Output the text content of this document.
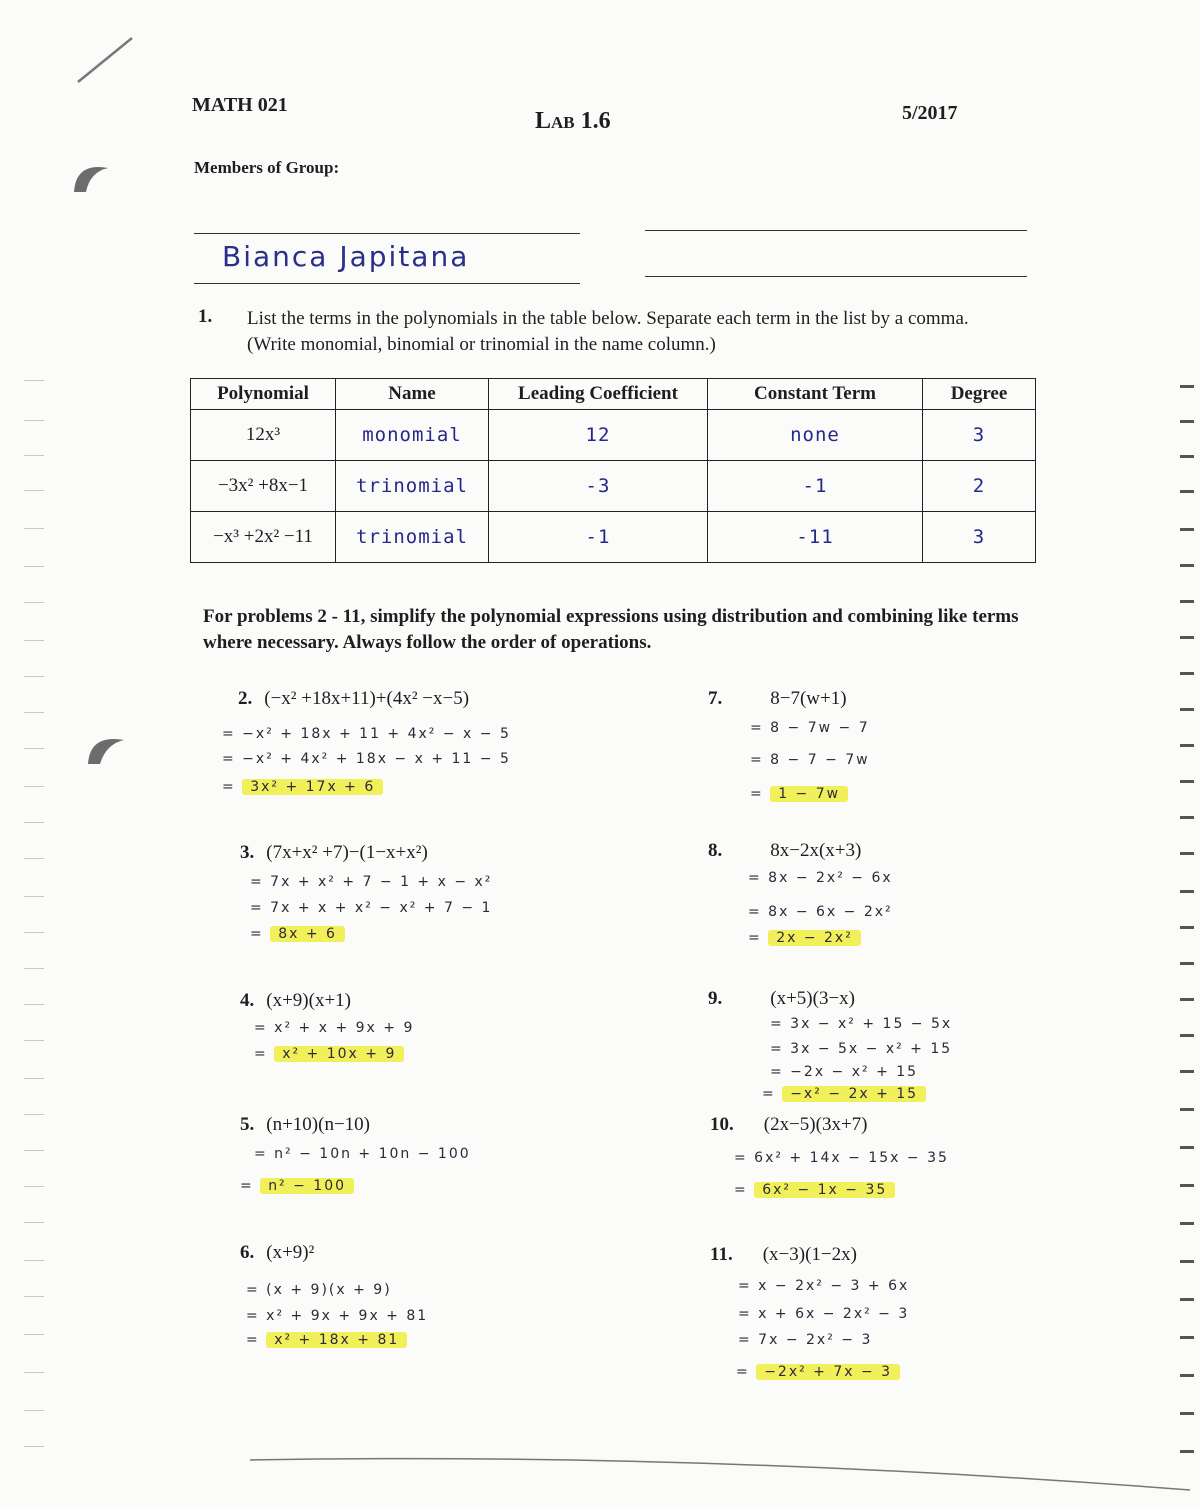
MATH 021
Lab 1.6	5/2017
Members of Group:
Bianca Japitana
1. List the terms in the polynomials in the table below. Separate each term in the list by a comma. (Write monomial, binomial or trinomial in the name column.)
Polynomial	Name	Leading Coefficient	Constant Term	Degree
12x³	monomial	12	none	3
−3x² +8x−1	trinomial	-3	-1	2
−x³ +2x² −11	trinomial	-1	-11	3
For problems 2 - 11, simplify the polynomial expressions using distribution and combining like terms where necessary. Always follow the order of operations.
2. (−x² +18x+11)+(4x² −x−5)
= −x² + 18x + 11 + 4x² − x − 5
= −x² + 4x² + 18x − x + 11 − 5
= 3x² + 17x + 6
3. (7x+x² +7)−(1−x+x²)
= 7x + x² + 7 − 1 + x − x²
= 7x + x + x² − x² + 7 − 1
= 8x + 6
4. (x+9)(x+1)
= x² + x + 9x + 9
= x² + 10x + 9
5. (n+10)(n−10)
= n² − 10n + 10n − 100
= n² − 100
6. (x+9)²
= (x + 9)(x + 9)
= x² + 9x + 9x + 81
= x² + 18x + 81
7.	8−7(w+1)
= 8 − 7w − 7
= 8 − 7 − 7w
= 1 − 7w
8.	8x−2x(x+3)
= 8x − 2x² − 6x
= 8x − 6x − 2x²
= 2x − 2x²
9.	(x+5)(3−x)
= 3x − x² + 15 − 5x
= 3x − 5x − x² + 15
= −2x − x² + 15
= −x² − 2x + 15
10. (2x−5)(3x+7)
= 6x² + 14x − 15x − 35
= 6x² − 1x − 35
11. (x−3)(1−2x)
= x − 2x² − 3 + 6x
= x + 6x − 2x² − 3
= 7x − 2x² − 3
= −2x² + 7x − 3
